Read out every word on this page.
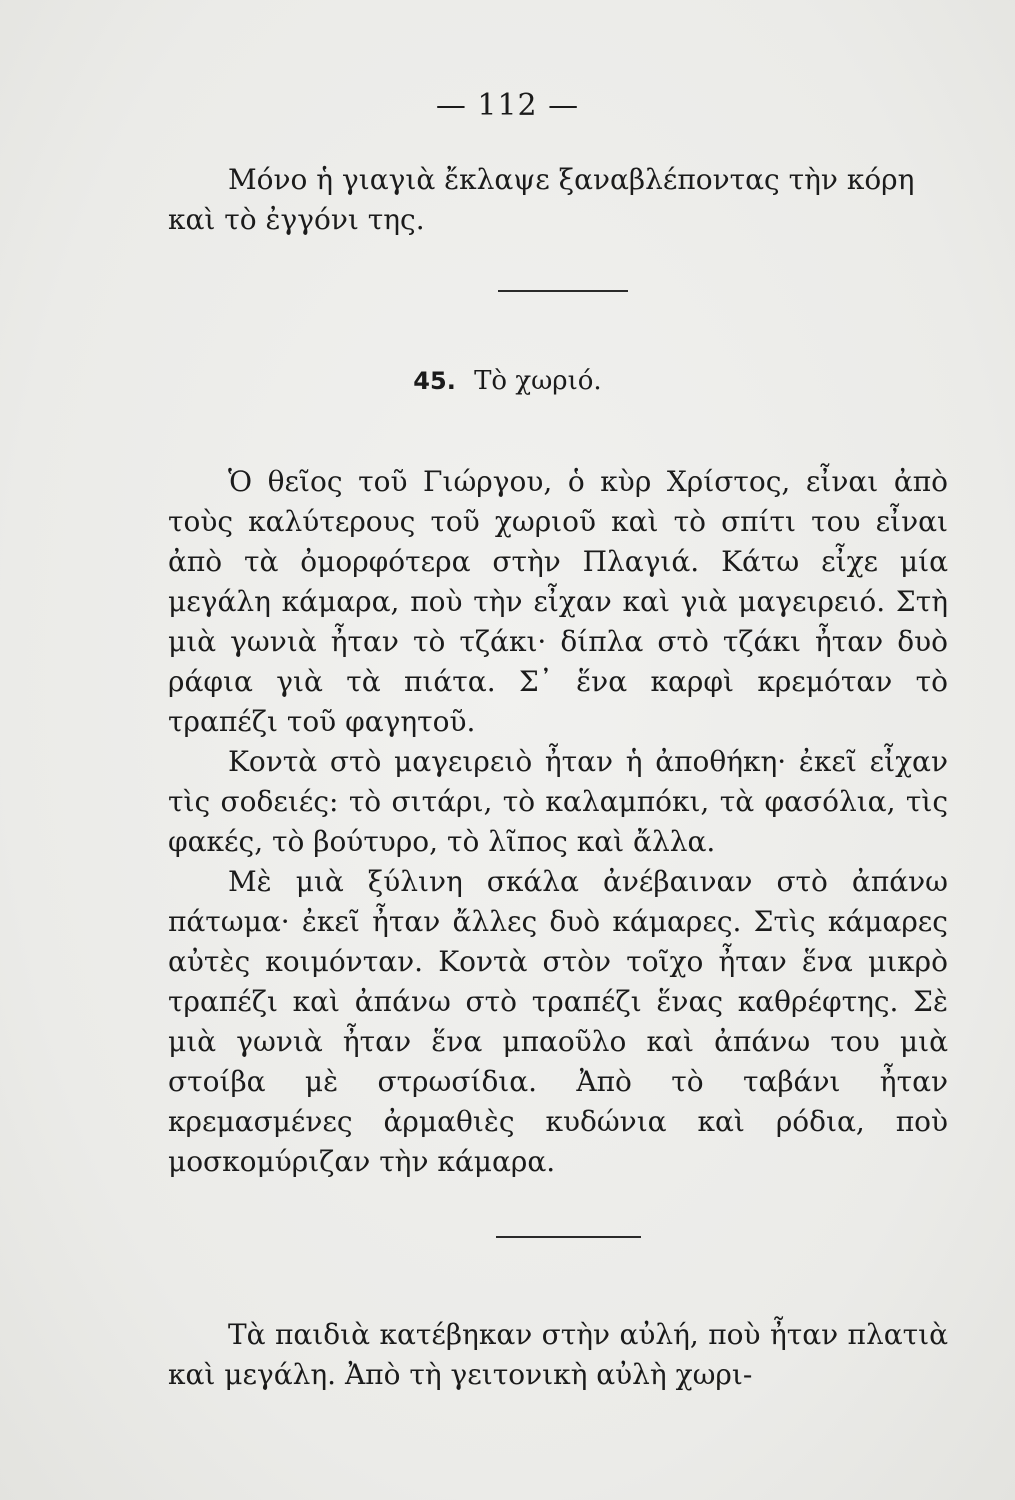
— 112 —

Μόνο ἡ γιαγιὰ ἔκλαψε ξαναβλέποντας τὴν κόρη

καὶ τὸ ἐγγόνι της.

45. Τὸ χωριό.

Ὁ θεῖος τοῦ Γιώργου, ὁ κὺρ Χρίστος, εἶναι ἀπὸ τοὺς καλύτερους τοῦ χωριοῦ καὶ τὸ σπίτι του εἶναι ἀπὸ τὰ ὀμορφότερα στὴν Πλαγιά. Κάτω εἶχε μία μεγάλη κάμαρα, ποὺ τὴν εἶχαν καὶ γιὰ μαγειρειό. Στὴ μιὰ γωνιὰ ἦταν τὸ τζάκι· δίπλα στὸ τζάκι ἦταν δυὸ ράφια γιὰ τὰ πιάτα. Σ᾽ ἕνα καρφὶ κρεμόταν τὸ τραπέζι τοῦ φαγητοῦ.

Κοντὰ στὸ μαγειρειὸ ἦταν ἡ ἀποθήκη· ἐκεῖ εἶχαν τὶς σοδειές: τὸ σιτάρι, τὸ καλαμπόκι, τὰ φασόλια, τὶς φακές, τὸ βούτυρο, τὸ λῖπος καὶ ἄλλα.

Μὲ μιὰ ξύλινη σκάλα ἀνέβαιναν στὸ ἀπάνω πάτωμα· ἐκεῖ ἦταν ἄλλες δυὸ κάμαρες. Στὶς κάμαρες αὐτὲς κοιμόνταν. Κοντὰ στὸν τοῖχο ἦταν ἕνα μικρὸ τραπέζι καὶ ἀπάνω στὸ τραπέζι ἕνας καθρέφτης. Σὲ μιὰ γωνιὰ ἦταν ἕνα μπαοῦλο καὶ ἀπάνω του μιὰ στοίβα μὲ στρωσίδια. Ἀπὸ τὸ ταβάνι ἦταν κρεμασμένες ἀρμαθιὲς κυδώνια καὶ ρόδια, ποὺ μοσκομύριζαν τὴν κάμαρα.

Τὰ παιδιὰ κατέβηκαν στὴν αὐλή, ποὺ ἦταν πλατιὰ καὶ μεγάλη. Ἀπὸ τὴ γειτονικὴ αὐλὴ χωρι-
